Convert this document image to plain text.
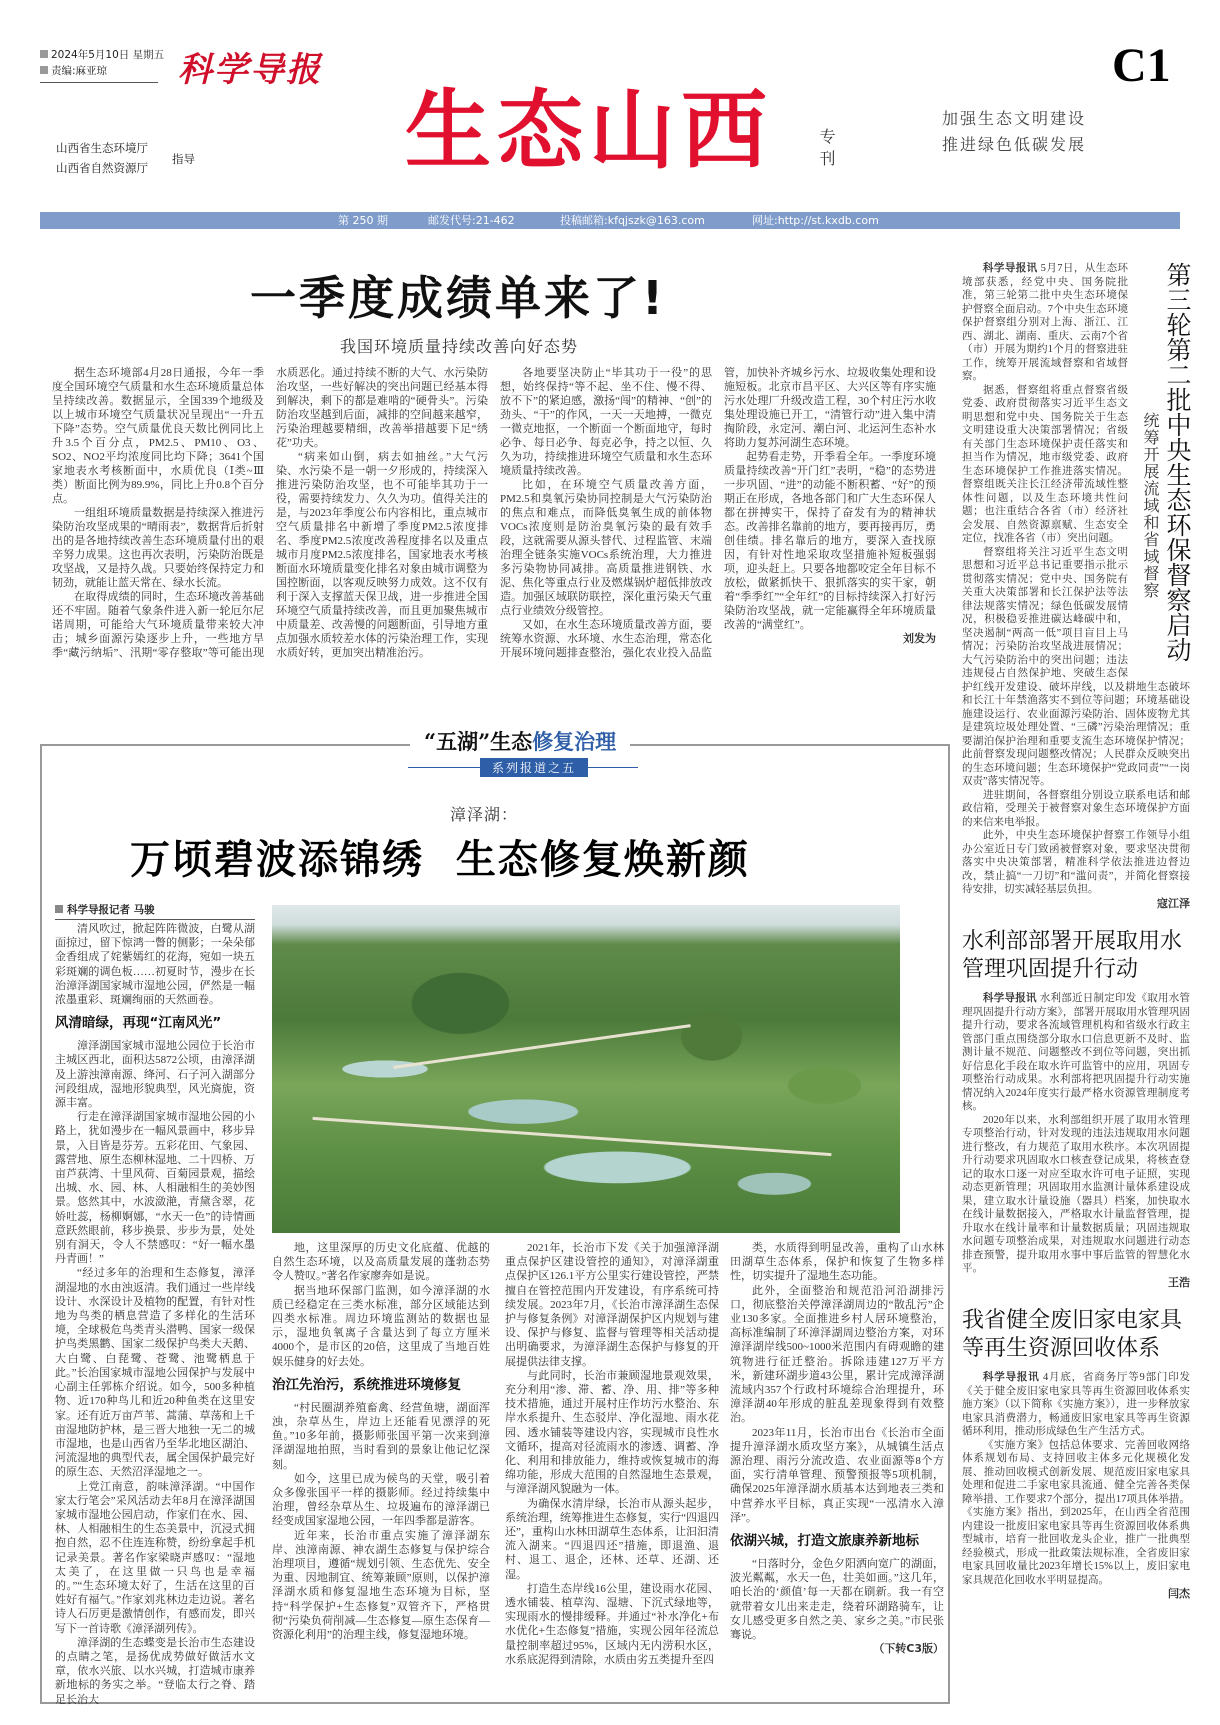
2024年5月10日 星期五
责编:麻亚琼	科学导报	C1
生态山西	专刊
加强生态文明建设
推进绿色低碳发展
山西省生态环境厅
山西省自然资源厅
指导
第 250 期	邮发代号:21-462	投稿邮箱:kfqjszk@163.com	网址:http://st.kxdb.com
一季度成绩单来了!
我国环境质量持续改善向好态势

据生态环境部4月28日通报，今年一季度全国环境空气质量和水生态环境质量总体呈持续改善。数据显示，全国339个地级及以上城市环境空气质量状况呈现出“一升五下降”态势。空气质量优良天数比例同比上升3.5个百分点，PM2.5、PM10、O3、SO2、NO2平均浓度同比均下降；3641个国家地表水考核断面中，水质优良（Ⅰ类~Ⅲ类）断面比例为89.9%，同比上升0.8个百分点。

一组组环境质量数据是持续深入推进污染防治攻坚成果的“晴雨表”，数据背后折射出的是各地持续改善生态环境质量付出的艰辛努力成果。这也再次表明，污染防治既是攻坚战，又是持久战。只要始终保持定力和韧劲，就能让蓝天常在、绿水长流。

在取得成绩的同时，生态环境改善基础还不牢固。随着气象条件进入新一轮厄尔尼诺周期，可能给大气环境质量带来较大冲击；城乡面源污染逐步上升，一些地方旱季“藏污纳垢”、汛期“零存整取”等可能出现水质恶化。通过持续不断的大气、水污染防治攻坚，一些好解决的突出问题已经基本得到解决，剩下的都是难啃的“硬骨头”。污染防治攻坚越到后面，减排的空间越来越窄，污染治理越要精细，改善举措越要下足“绣花”功夫。

“病来如山倒，病去如抽丝。”大气污染、水污染不是一朝一夕形成的，持续深入推进污染防治攻坚，也不可能毕其功于一役，需要持续发力、久久为功。值得关注的是，与2023年季度公布内容相比，重点城市空气质量排名中新增了季度PM2.5浓度排名、季度PM2.5浓度改善程度排名以及重点城市月度PM2.5浓度排名，国家地表水考核断面水环境质量变化排名对象由城市调整为国控断面，以客观反映努力成效。这不仅有利于深入支撑蓝天保卫战，进一步推进全国环境空气质量持续改善，而且更加聚焦城市中质量差、改善慢的问题断面，引导地方重点加强水质较差水体的污染治理工作，实现水质好转，更加突出精准治污。

各地要坚决防止“毕其功于一役”的思想，始终保持“等不起、坐不住、慢不得、放不下”的紧迫感，激扬“闯”的精神、“创”的劲头、“干”的作风，一天一天地搏，一微克一微克地抠，一个断面一个断面地守，每时必争、每日必争、每克必争，持之以恒、久久为功，持续推进环境空气质量和水生态环境质量持续改善。

比如，在环境空气质量改善方面，PM2.5和臭氧污染协同控制是大气污染防治的焦点和难点，而降低臭氧生成的前体物VOCs浓度则是防治臭氧污染的最有效手段，这就需要从源头替代、过程监管、末端治理全链条实施VOCs系统治理，大力推进多污染物协同减排。高质量推进钢铁、水泥、焦化等重点行业及燃煤锅炉超低排放改造。加强区域联防联控，深化重污染天气重点行业绩效分级管控。

又如，在水生态环境质量改善方面，要统筹水资源、水环境、水生态治理，常态化开展环境问题排查整治，强化农业投入品监管，加快补齐城乡污水、垃圾收集处理和设施短板。北京市昌平区、大兴区等有序实施污水处理厂升级改造工程，30个村庄污水收集处理设施已开工，“清管行动”进入集中清掏阶段，永定河、潮白河、北运河生态补水将助力复苏河湖生态环境。

起势看走势，开季看全年。一季度环境质量持续改善“开门红”表明，“稳”的态势进一步巩固、“进”的动能不断积蓄、“好”的预期正在形成，各地各部门和广大生态环保人都在拼搏实干，保持了奋发有为的精神状态。改善排名靠前的地方，要再接再厉，勇创佳绩。排名靠后的地方，要深入查找原因，有针对性地采取攻坚措施补短板强弱项，迎头赶上。只要各地都咬定全年目标不放松，做紧抓快干、狠抓落实的实干家，朝着“季季红”“全年红”的目标持续深入打好污染防治攻坚战，就一定能赢得全年环境质量改善的“满堂红”。

刘发为	第三轮第二批中央生态环保督察启动
统筹开展流域和省域督察

科学导报讯 5月7日，从生态环境部获悉，经党中央、国务院批准，第三轮第二批中央生态环境保护督察全面启动。7个中央生态环境保护督察组分别对上海、浙江、江西、湖北、湖南、重庆、云南7个省（市）开展为期约1个月的督察进驻工作，统筹开展流域督察和省域督察。

据悉，督察组将重点督察省级党委、政府贯彻落实习近平生态文明思想和党中央、国务院关于生态文明建设重大决策部署情况；省级有关部门生态环境保护责任落实和担当作为情况，地市级党委、政府生态环境保护工作推进落实情况。督察组既关注长江经济带流域性整体性问题，以及生态环境共性问题；也注重结合各省（市）经济社会发展、自然资源禀赋、生态安全定位，找准各省（市）突出问题。

督察组将关注习近平生态文明思想和习近平总书记重要指示批示贯彻落实情况；党中央、国务院有关重大决策部署和长江保护法等法律法规落实情况；绿色低碳发展情况，积极稳妥推进碳达峰碳中和，坚决遏制“两高一低”项目盲目上马情况；污染防治攻坚战进展情况；大气污染防治中的突出问题；违法违规侵占自然保护地、突破生态保护红线开发建设、破坏岸线，以及耕地生态破坏和长江十年禁渔落实不到位等问题；环境基础设施建设运行、农业面源污染防治、固体废物尤其是建筑垃圾处理处置、“三磷”污染治理情况；重要湖泊保护治理和重要支流生态环境保护情况；此前督察发现问题整改情况；人民群众反映突出的生态环境问题；生态环境保护“党政同责”“一岗双责”落实情况等。

进驻期间，各督察组分别设立联系电话和邮政信箱，受理关于被督察对象生态环境保护方面的来信来电举报。

此外，中央生态环境保护督察工作领导小组办公室近日专门致函被督察对象，要求坚决贯彻落实中央决策部署，精准科学依法推进边督边改，禁止搞“一刀切”和“滥问责”，并简化督察接待安排，切实减轻基层负担。

寇江泽
水利部部署开展取用水管理巩固提升行动

科学导报讯 水利部近日制定印发《取用水管理巩固提升行动方案》，部署开展取用水管理巩固提升行动，要求各流域管理机构和省级水行政主管部门重点围绕部分取水口信息更新不及时、监测计量不规范、问题整改不到位等问题，突出抓好信息化手段在取水许可监管中的应用，巩固专项整治行动成果。水利部将把巩固提升行动实施情况纳入2024年度实行最严格水资源管理制度考核。

2020年以来，水利部组织开展了取用水管理专项整治行动，针对发现的违法违规取用水问题进行整改，有力规范了取用水秩序。本次巩固提升行动要求巩固取水口核查登记成果，将核查登记的取水口逐一对应至取水许可电子证照，实现动态更新管理；巩固取用水监测计量体系建设成果，建立取水计量设施（器具）档案，加快取水在线计量数据接入，严格取水计量监督管理，提升取水在线计量率和计量数据质量；巩固违规取水问题专项整治成果，对违规取水问题进行动态排查预警，提升取用水事中事后监管的智慧化水平。

王浩
我省健全废旧家电家具等再生资源回收体系

科学导报讯 4月底，省商务厅等9部门印发《关于健全废旧家电家具等再生资源回收体系实施方案》（以下简称《实施方案》），进一步释放家电家具消费潜力，畅通废旧家电家具等再生资源循环利用，推动形成绿色生产生活方式。

《实施方案》包括总体要求、完善回收网络体系规划布局、支持回收主体多元化规模化发展、推动回收模式创新发展、规范废旧家电家具处理和促进二手家电家具流通、健全完善各类保障举措、工作要求7个部分，提出17项具体举措。《实施方案》指出，到2025年，在山西全省范围内建设一批废旧家电家具等再生资源回收体系典型城市，培育一批回收龙头企业，推广一批典型经验模式，形成一批政策法规标准，全省废旧家电家具回收量比2023年增长15%以上，废旧家电家具规范化回收水平明显提高。

闫杰
“五湖”生态修复治理
系列报道之五
漳泽湖：
万顷碧波添锦绣  生态修复焕新颜
科学导报记者 马骏

清风吹过，掀起阵阵微波，白鹭从湖面掠过，留下惊鸿一瞥的侧影；一朵朵郁金香组成了姹紫嫣红的花海，宛如一块五彩斑斓的调色板……初夏时节，漫步在长治漳泽湖国家城市湿地公园，俨然是一幅浓墨重彩、斑斓绚丽的天然画卷。

风清暗绿，再现“江南风光”

漳泽湖国家城市湿地公园位于长治市主城区西北，面积达5872公顷，由漳泽湖及上游浊漳南源、绛河、石子河入湖部分河段组成，湿地形貌典型，风光旖旎，资源丰富。

行走在漳泽湖国家城市湿地公园的小路上，犹如漫步在一幅风景画中，移步异景，入目皆是芬芳。五彩花田、气象园、露营地、原生态柳林湿地、二十四桥、万亩芦荻湾、十里风荷、百菊园景观，描绘出城、水、园、林、人相融相生的美妙图景。悠然其中，水波潋滟，青黛含翠，花娇吐蕊，杨柳婀娜，“水天一色”的诗情画意跃然眼前，移步换景、步步为景，处处别有洞天，令人不禁感叹：“好一幅水墨丹青画！”

“经过多年的治理和生态修复，漳泽湖湿地的水由浊返清。我们通过一些岸线设计、水深设计及植物的配置，有针对性地为鸟类的栖息营造了多样化的生活环境，全球极危鸟类青头潜鸭、国家一级保护鸟类黑鹳、国家二级保护鸟类大天鹅、大白鹭、白琵鹭、苍鹭、池鹭栖息于此。”长治国家城市湿地公园保护与发展中心副主任郭栋介绍说。如今，500多种植物、近170种鸟儿和近20种鱼类在这里安家。还有近万亩芦苇、蒿蒲、草荡和上千亩湿地防护林，是三晋大地独一无二的城市湿地，也是山西省乃至华北地区湖泊、河流湿地的典型代表，属全国保护最完好的原生态、天然沼泽湿地之一。

上党江南意，韵味漳泽湖。“中国作家太行笔会”采风活动去年8月在漳泽湖国家城市湿地公园启动，作家们在水、园、林、人相融相生的生态美景中，沉浸式拥抱自然，忍不住连连称赞，纷纷拿起手机记录美景。著名作家梁晓声感叹：“湿地太美了，在这里做一只鸟也是幸福的。”“生态环境太好了，生活在这里的百姓好有福气。”作家刘兆林边走边说。著名诗人石厉更是激情创作，有感而发，即兴写下一首诗歌《漳泽湖列传》。

漳泽湖的生态蝶变是长治市生态建设的点睛之笔，是扬优成势做好做活水文章，依水兴旅、以水兴城，打造城市康养新地标的务实之举。“登临太行之脊、踏足长治大

地，这里深厚的历史文化底蕴、优越的自然生态环境，以及高质量发展的蓬勃态势令人赞叹。”著名作家廖奔如是说。

据当地环保部门监测，如今漳泽湖的水质已经稳定在三类水标准，部分区域能达到四类水标准。周边环境监测站的数据也显示，湿地负氧离子含量达到了每立方厘米4000个，是市区的20倍，这里成了当地百姓娱乐健身的好去处。

治江先治污，系统推进环境修复

“村民圈湖养殖畜禽、经营鱼塘，湖面浑浊，杂草丛生，岸边上还能看见漂浮的死鱼。”10多年前，摄影师张国平第一次来到漳泽湖湿地拍照，当时看到的景象让他记忆深刻。

如今，这里已成为候鸟的天堂，吸引着众多像张国平一样的摄影师。经过持续集中治理，曾经杂草丛生、垃圾遍布的漳泽湖已经变成国家湿地公园，一年四季都是游客。

近年来，长治市重点实施了漳泽湖东岸、浊漳南源、神农湖生态修复与保护综合治理项目，遵循“规划引领、生态优先、安全为重、因地制宜、统筹兼顾”原则，以保护漳泽湖水质和修复湿地生态环境为目标，坚持“科学保护+生态修复”双管齐下，严格贯彻“污染负荷削减—生态修复—原生态保育—资源化利用”的治理主线，修复湿地环境。

2021年，长治市下发《关于加强漳泽湖重点保护区建设管控的通知》，对漳泽湖重点保护区126.1平方公里实行建设管控，严禁擅自在管控范围内开发建设，有序系统可持续发展。2023年7月，《长治市漳泽湖生态保护与修复条例》对漳泽湖保护区内规划与建设、保护与修复、监督与管理等相关活动提出明确要求，为漳泽湖生态保护与修复的开展提供法律支撑。

与此同时，长治市兼顾湿地景观效果，充分利用“渗、滞、蓄、净、用、排”等多种技术措施，通过开展村庄作坊污水整治、东岸水系提升、生态驳岸、净化湿地、雨水花园、透水铺装等建设内容，实现城市良性水文循环，提高对径流雨水的渗透、调蓄、净化、利用和排放能力，维持或恢复城市的海绵功能，形成大范围的自然湿地生态景观，与漳泽湖风貌融为一体。

为确保水清岸绿，长治市从源头起步，系统治理，统筹推进生态修复，实行“四退四还”，重构山水林田湖草生态体系，让汩汩清流入湖来。“四退四还”措施，即退渔、退村、退工、退企，还林、还草、还湖、还湿。

打造生态岸线16公里，建设雨水花园、透水铺装、植草沟、湿塘、下沉式绿地等，实现雨水的慢排缓释。并通过“补水净化+布水优化+生态修复”措施，实现公园年径流总量控制率超过95%，区域内无内涝积水区，水系底泥得到清除，水质由劣五类提升至四

类，水质得到明显改善，重构了山水林田湖草生态体系，保护和恢复了生物多样性，切实提升了湿地生态功能。

此外，全面整治和规范沿河沿湖排污口，彻底整治关停漳泽湖周边的“散乱污”企业130多家。全面推进乡村人居环境整治，高标准编制了环漳泽湖周边整治方案，对环漳泽湖岸线500~1000米范围内有碍观瞻的建筑物进行征迁整治。拆除违建127万平方米，新建环湖步道43公里，累计完成漳泽湖流域内357个行政村环境综合治理提升，环漳泽湖40年形成的脏乱差现象得到有效整治。

2023年11月，长治市出台《长治市全面提升漳泽湖水质攻坚方案》，从城镇生活点源治理、雨污分流改造、农业面源等8个方面，实行清单管理、预警预报等5项机制，确保2025年漳泽湖水质基本达到地表三类和中营养水平目标，真正实现“一泓清水入漳泽”。

依湖兴城，打造文旅康养新地标

“日落时分，金色夕阳洒向宽广的湖面，波光粼粼，水天一色，壮美如画。”这几年，咱长治的‘颜值’每一天都在刷新。我一有空就带着女儿出来走走，绕着环湖路骑车，让女儿感受更多自然之美、家乡之美。”市民张骞说。

（下转C3版）
